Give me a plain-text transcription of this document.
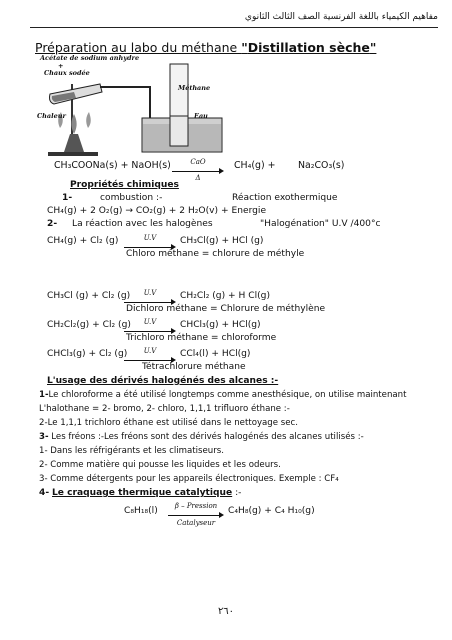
مفاهيم الكيمياء باللغة الفرنسية الصف الثالث الثانوي
Préparation au labo du méthane "Distillation sèche"
Acétate de sodium anhydre
+
Chaux sodée
Méthane
Eau
Chaleur
CH₃COONa(s) + NaOH(s)	CaO
Δ
CH₄(g) + Na₂CO₃(s)
Propriétés chimiques
1-	combustion :-	Réaction exothermique
CH₄(g) + 2 O₂(g) → CO₂(g) + 2 H₂O(v) + Energie
2- La réaction avec les halogènes	"Halogénation" U.V /400°c
CH₄(g) + Cl₂ (g)	U.V	CH₃Cl(g) + HCl (g)
Chloro méthane = chlorure de méthyle
CH₃Cl (g) + Cl₂ (g)	U.V	CH₂Cl₂ (g) + H Cl(g)
Dichloro méthane = Chlorure de méthylène
CH₂Cl₂(g) + Cl₂ (g)	U.V	CHCl₃(g) + HCl(g)
Trichloro méthane = chloroforme
CHCl₃(g) + Cl₂ (g)	U.V	CCl₄(l) + HCl(g)
Tétrachlorure méthane
L'usage des dérivés halogénés des alcanes :-
1-Le chloroforme a été utilisé longtemps comme anesthésique, on utilise maintenant
L'halothane = 2- bromo, 2- chloro, 1,1,1 trifluoro éthane :-
2-Le 1,1,1 trichloro éthane est utilisé dans le nettoyage sec.
3- Les fréons :-Les fréons sont des dérivés halogénés des alcanes utilisés :-
1- Dans les réfrigérants et les climatiseurs.
2- Comme matière qui pousse les liquides et les odeurs.
3- Comme détergents pour les appareils électroniques. Exemple : CF₄
4- Le craquage thermique catalytique :-
C₈H₁₈(l)
β – Pression
Catalyseur
C₄H₈(g) + C₄ H₁₀(g)
٢٦٠
